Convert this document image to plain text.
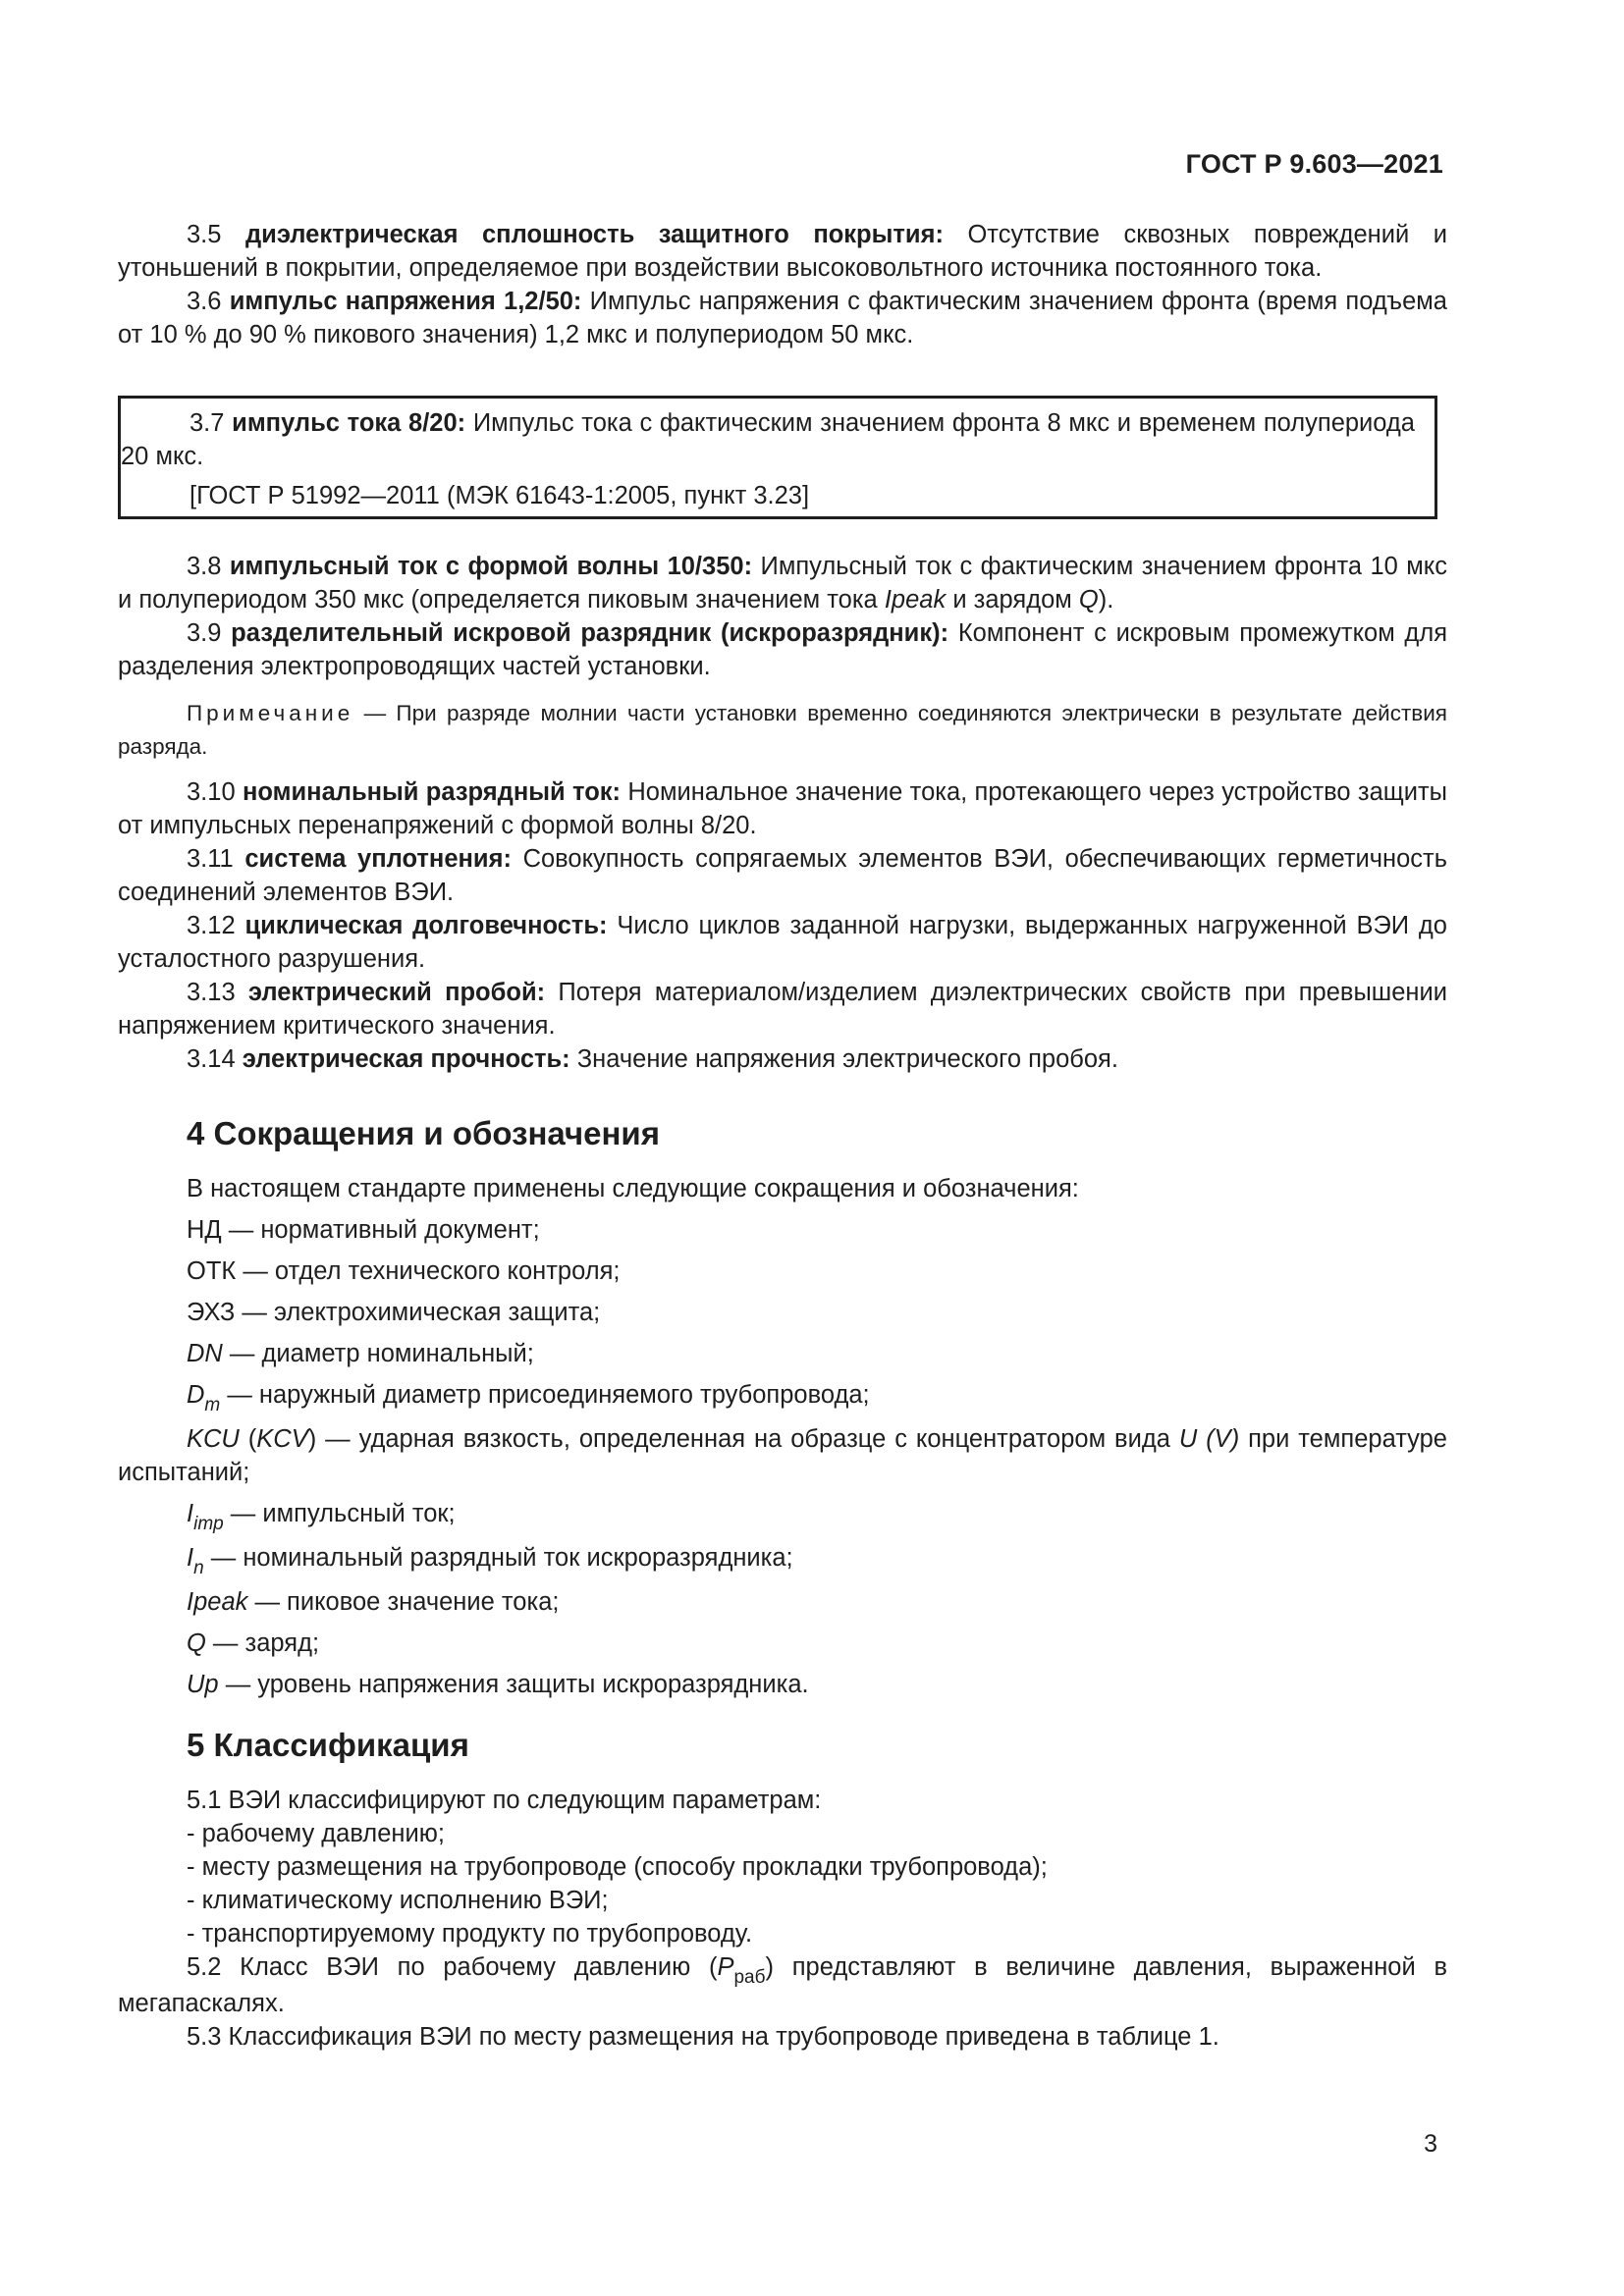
ГОСТ Р 9.603—2021

3.5 диэлектрическая сплошность защитного покрытия: Отсутствие сквозных повреждений и утоньшений в покрытии, определяемое при воздействии высоковольтного источника постоянного тока.

3.6 импульс напряжения 1,2/50: Импульс напряжения с фактическим значением фронта (время подъема от 10 % до 90 % пикового значения) 1,2 мкс и полупериодом 50 мкс.

3.7 импульс тока 8/20: Импульс тока с фактическим значением фронта 8 мкс и временем полупериода 20 мкс.

[ГОСТ Р 51992—2011 (МЭК 61643-1:2005, пункт 3.23]

3.8 импульсный ток с формой волны 10/350: Импульсный ток с фактическим значением фронта 10 мкс и полупериодом 350 мкс (определяется пиковым значением тока Ipeak и зарядом Q).

3.9 разделительный искровой разрядник (искроразрядник): Компонент с искровым промежутком для разделения электропроводящих частей установки.

Примечание — При разряде молнии части установки временно соединяются электрически в результате действия разряда.

3.10 номинальный разрядный ток: Номинальное значение тока, протекающего через устройство защиты от импульсных перенапряжений с формой волны 8/20.

3.11 система уплотнения: Совокупность сопрягаемых элементов ВЭИ, обеспечивающих герметичность соединений элементов ВЭИ.

3.12 циклическая долговечность: Число циклов заданной нагрузки, выдержанных нагруженной ВЭИ до усталостного разрушения.

3.13 электрический пробой: Потеря материалом/изделием диэлектрических свойств при превышении напряжением критического значения.

3.14 электрическая прочность: Значение напряжения электрического пробоя.

4 Сокращения и обозначения

В настоящем стандарте применены следующие сокращения и обозначения:

НД — нормативный документ;

ОТК — отдел технического контроля;

ЭХЗ — электрохимическая защита;

DN — диаметр номинальный;

$D_m$ — наружный диаметр присоединяемого трубопровода;

KCU (KCV) — ударная вязкость, определенная на образце с концентратором вида U (V) при температуре испытаний;

$I_{imp}$ — импульсный ток;

$I_n$ — номинальный разрядный ток искроразрядника;

Ipeak — пиковое значение тока;

Q — заряд;

Up — уровень напряжения защиты искроразрядника.

5 Классификация

5.1 ВЭИ классифицируют по следующим параметрам:

- рабочему давлению;

- месту размещения на трубопроводе (способу прокладки трубопровода);

- климатическому исполнению ВЭИ;

- транспортируемому продукту по трубопроводу.

5.2 Класс ВЭИ по рабочему давлению $(P_{раб})$ представляют в величине давления, выраженной в мегапаскалях.

5.3 Классификация ВЭИ по месту размещения на трубопроводе приведена в таблице 1.

3
